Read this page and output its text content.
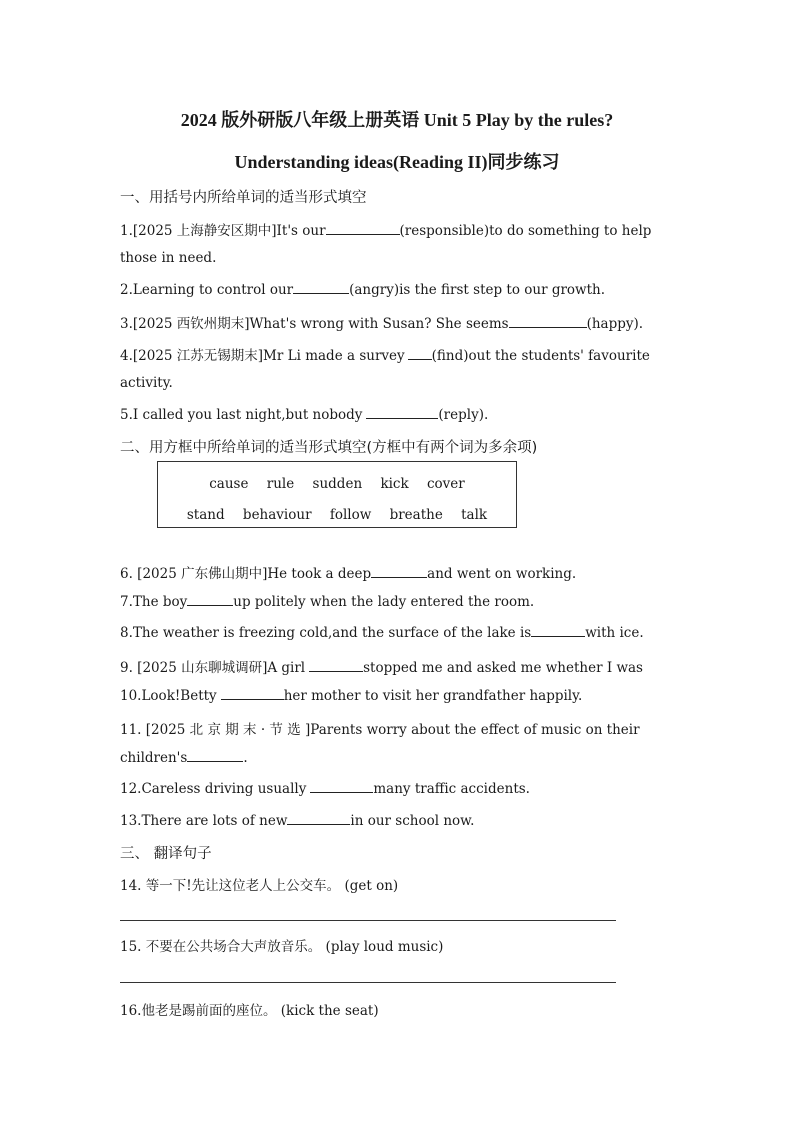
2024 版外研版八年级上册英语 Unit 5 Play by the rules?
Understanding ideas(Reading II)同步练习
一、用括号内所给单词的适当形式填空
1.[2025 上海静安区期中]It's our	(responsible)to do something to help
those in need.
2.Learning to control our	(angry)is the first step to our growth.
3.[2025 西钦州期末]What's wrong with Susan? She seems	(happy).
4.[2025 江苏无锡期末]Mr Li made a survey (find)out the students' favourite
activity.
5.I called you last night,but nobody	(reply).
二、用方框中所给单词的适当形式填空(方框中有两个词为多余项)
cause rule sudden kick cover
stand behaviour follow breathe talk
6. [2025 广东佛山期中]He took a deep	and went on working.
7.The boy	up politely when the lady entered the room.
8.The weather is freezing cold,and the surface of the lake is	with ice.
9. [2025 山东聊城调研]A girl	stopped me and asked me whether I was
10.Look!Betty	her mother to visit her grandfather happily.
11. [2025 北 京 期 末 · 节 选 ]Parents worry about the effect of music on their
children's	.
12.Careless driving usually	many traffic accidents.
13.There are lots of new	in our school now.
三、 翻译句子
14. 等一下!先让这位老人上公交车。 (get on)
15. 不要在公共场合大声放音乐。 (play loud music)
16.他老是踢前面的座位。 (kick the seat)
